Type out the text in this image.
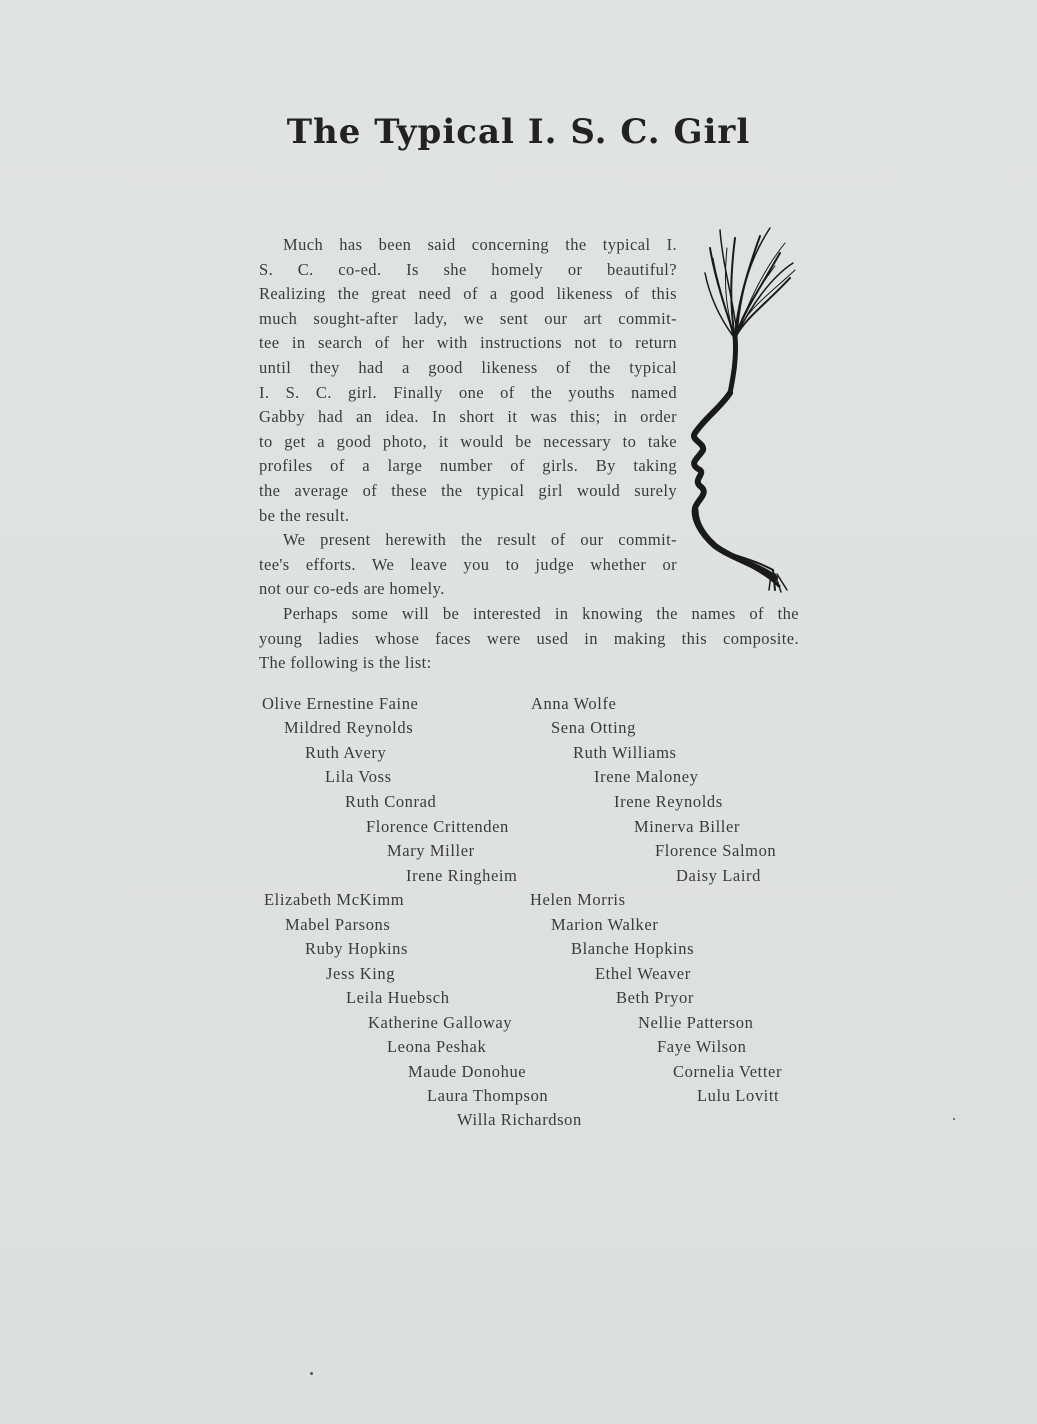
The Typical I. S. C. Girl

Much has been said concerning the typical I.
S. C. co-ed. Is she homely or beautiful?
Realizing the great need of a good likeness of this
much sought-after lady, we sent our art commit-
tee in search of her with instructions not to return
until they had a good likeness of the typical
I. S. C. girl. Finally one of the youths named
Gabby had an idea. In short it was this; in order
to get a good photo, it would be necessary to take
profiles of a large number of girls. By taking
the average of these the typical girl would surely
be the result.

We present herewith the result of our commit-
tee's efforts. We leave you to judge whether or
not our co-eds are homely.

Perhaps some will be interested in knowing the names of the
young ladies whose faces were used in making this composite.
The following is the list:

Olive Ernestine Faine
Mildred Reynolds
Ruth Avery
Lila Voss
Ruth Conrad
Florence Crittenden
Mary Miller
Irene Ringheim
Elizabeth McKimm
Mabel Parsons
Ruby Hopkins
Jess King
Leila Huebsch
Katherine Galloway
Leona Peshak
Maude Donohue
Laura Thompson
Willa Richardson
Anna Wolfe
Sena Otting
Ruth Williams
Irene Maloney
Irene Reynolds
Minerva Biller
Florence Salmon
Daisy Laird
Helen Morris
Marion Walker
Blanche Hopkins
Ethel Weaver
Beth Pryor
Nellie Patterson
Faye Wilson
Cornelia Vetter
Lulu Lovitt
